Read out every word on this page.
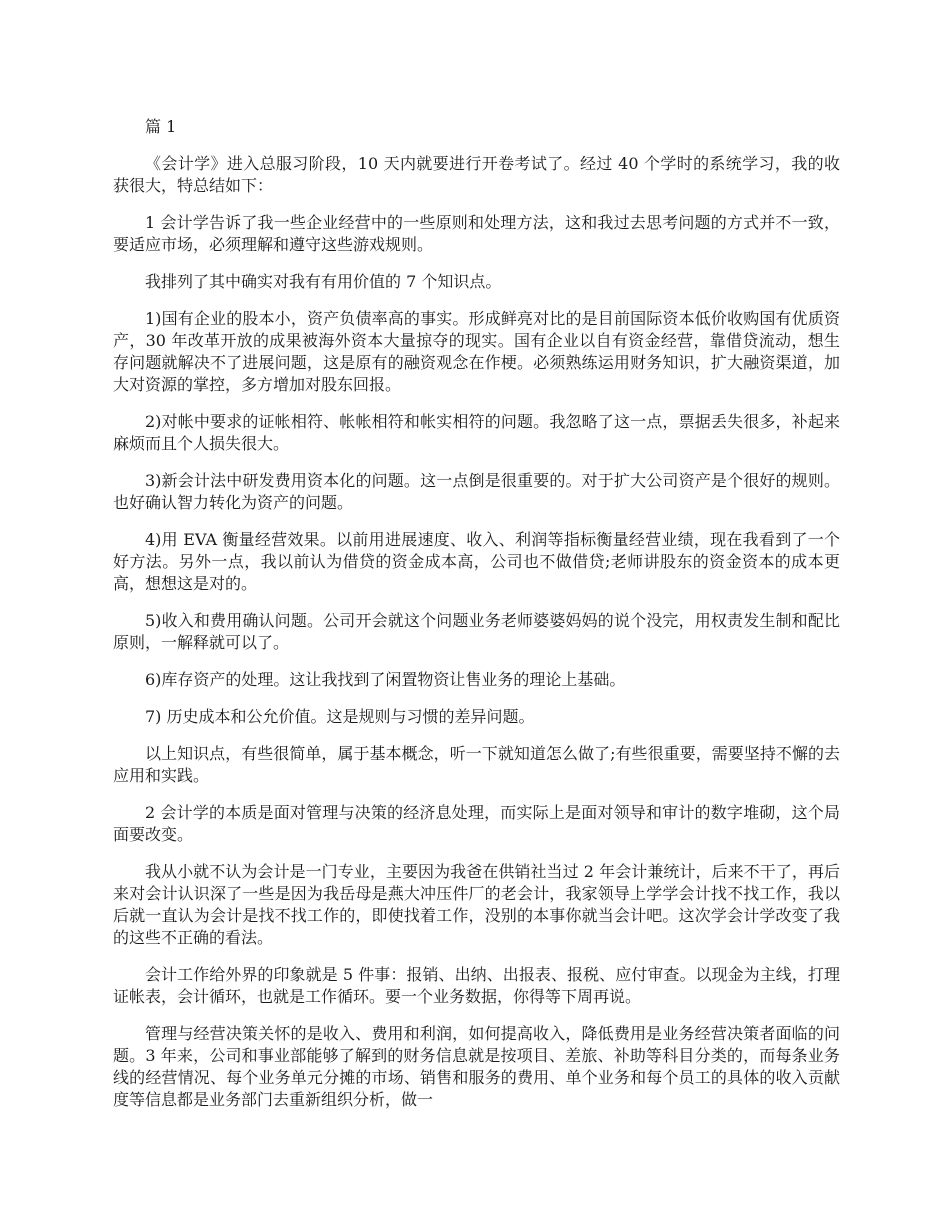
篇 1

《会计学》进入总服习阶段，10 天内就要进行开卷考试了。经过 40 个学时的系统学习，我的收获很大，特总结如下：

1 会计学告诉了我一些企业经营中的一些原则和处理方法，这和我过去思考问题的方式并不一致，要适应市场，必须理解和遵守这些游戏规则。

我排列了其中确实对我有有用价值的 7 个知识点。

1)国有企业的股本小，资产负债率高的事实。形成鲜亮对比的是目前国际资本低价收购国有优质资产，30 年改革开放的成果被海外资本大量掠夺的现实。国有企业以自有资金经营，靠借贷流动，想生存问题就解决不了进展问题，这是原有的融资观念在作梗。必须熟练运用财务知识，扩大融资渠道，加大对资源的掌控，多方增加对股东回报。

2)对帐中要求的证帐相符、帐帐相符和帐实相符的问题。我忽略了这一点，票据丢失很多，补起来麻烦而且个人损失很大。

3)新会计法中研发费用资本化的问题。这一点倒是很重要的。对于扩大公司资产是个很好的规则。也好确认智力转化为资产的问题。

4)用 EVA 衡量经营效果。以前用进展速度、收入、利润等指标衡量经营业绩，现在我看到了一个好方法。另外一点，我以前认为借贷的资金成本高，公司也不做借贷;老师讲股东的资金资本的成本更高，想想这是对的。

5)收入和费用确认问题。公司开会就这个问题业务老师婆婆妈妈的说个没完，用权责发生制和配比原则，一解释就可以了。

6)库存资产的处理。这让我找到了闲置物资让售业务的理论上基础。

7) 历史成本和公允价值。这是规则与习惯的差异问题。

以上知识点，有些很简单，属于基本概念，听一下就知道怎么做了;有些很重要，需要坚持不懈的去应用和实践。

2 会计学的本质是面对管理与决策的经济息处理，而实际上是面对领导和审计的数字堆砌，这个局面要改变。

我从小就不认为会计是一门专业，主要因为我爸在供销社当过 2 年会计兼统计，后来不干了，再后来对会计认识深了一些是因为我岳母是燕大冲压件厂的老会计，我家领导上学学会计找不找工作，我以后就一直认为会计是找不找工作的，即使找着工作，没别的本事你就当会计吧。这次学会计学改变了我的这些不正确的看法。

会计工作给外界的印象就是 5 件事：报销、出纳、出报表、报税、应付审查。以现金为主线，打理证帐表，会计循环，也就是工作循环。要一个业务数据，你得等下周再说。

管理与经营决策关怀的是收入、费用和利润，如何提高收入，降低费用是业务经营决策者面临的问题。3 年来，公司和事业部能够了解到的财务信息就是按项目、差旅、补助等科目分类的，而每条业务线的经营情况、每个业务单元分摊的市场、销售和服务的费用、单个业务和每个员工的具体的收入贡献度等信息都是业务部门去重新组织分析，做一
